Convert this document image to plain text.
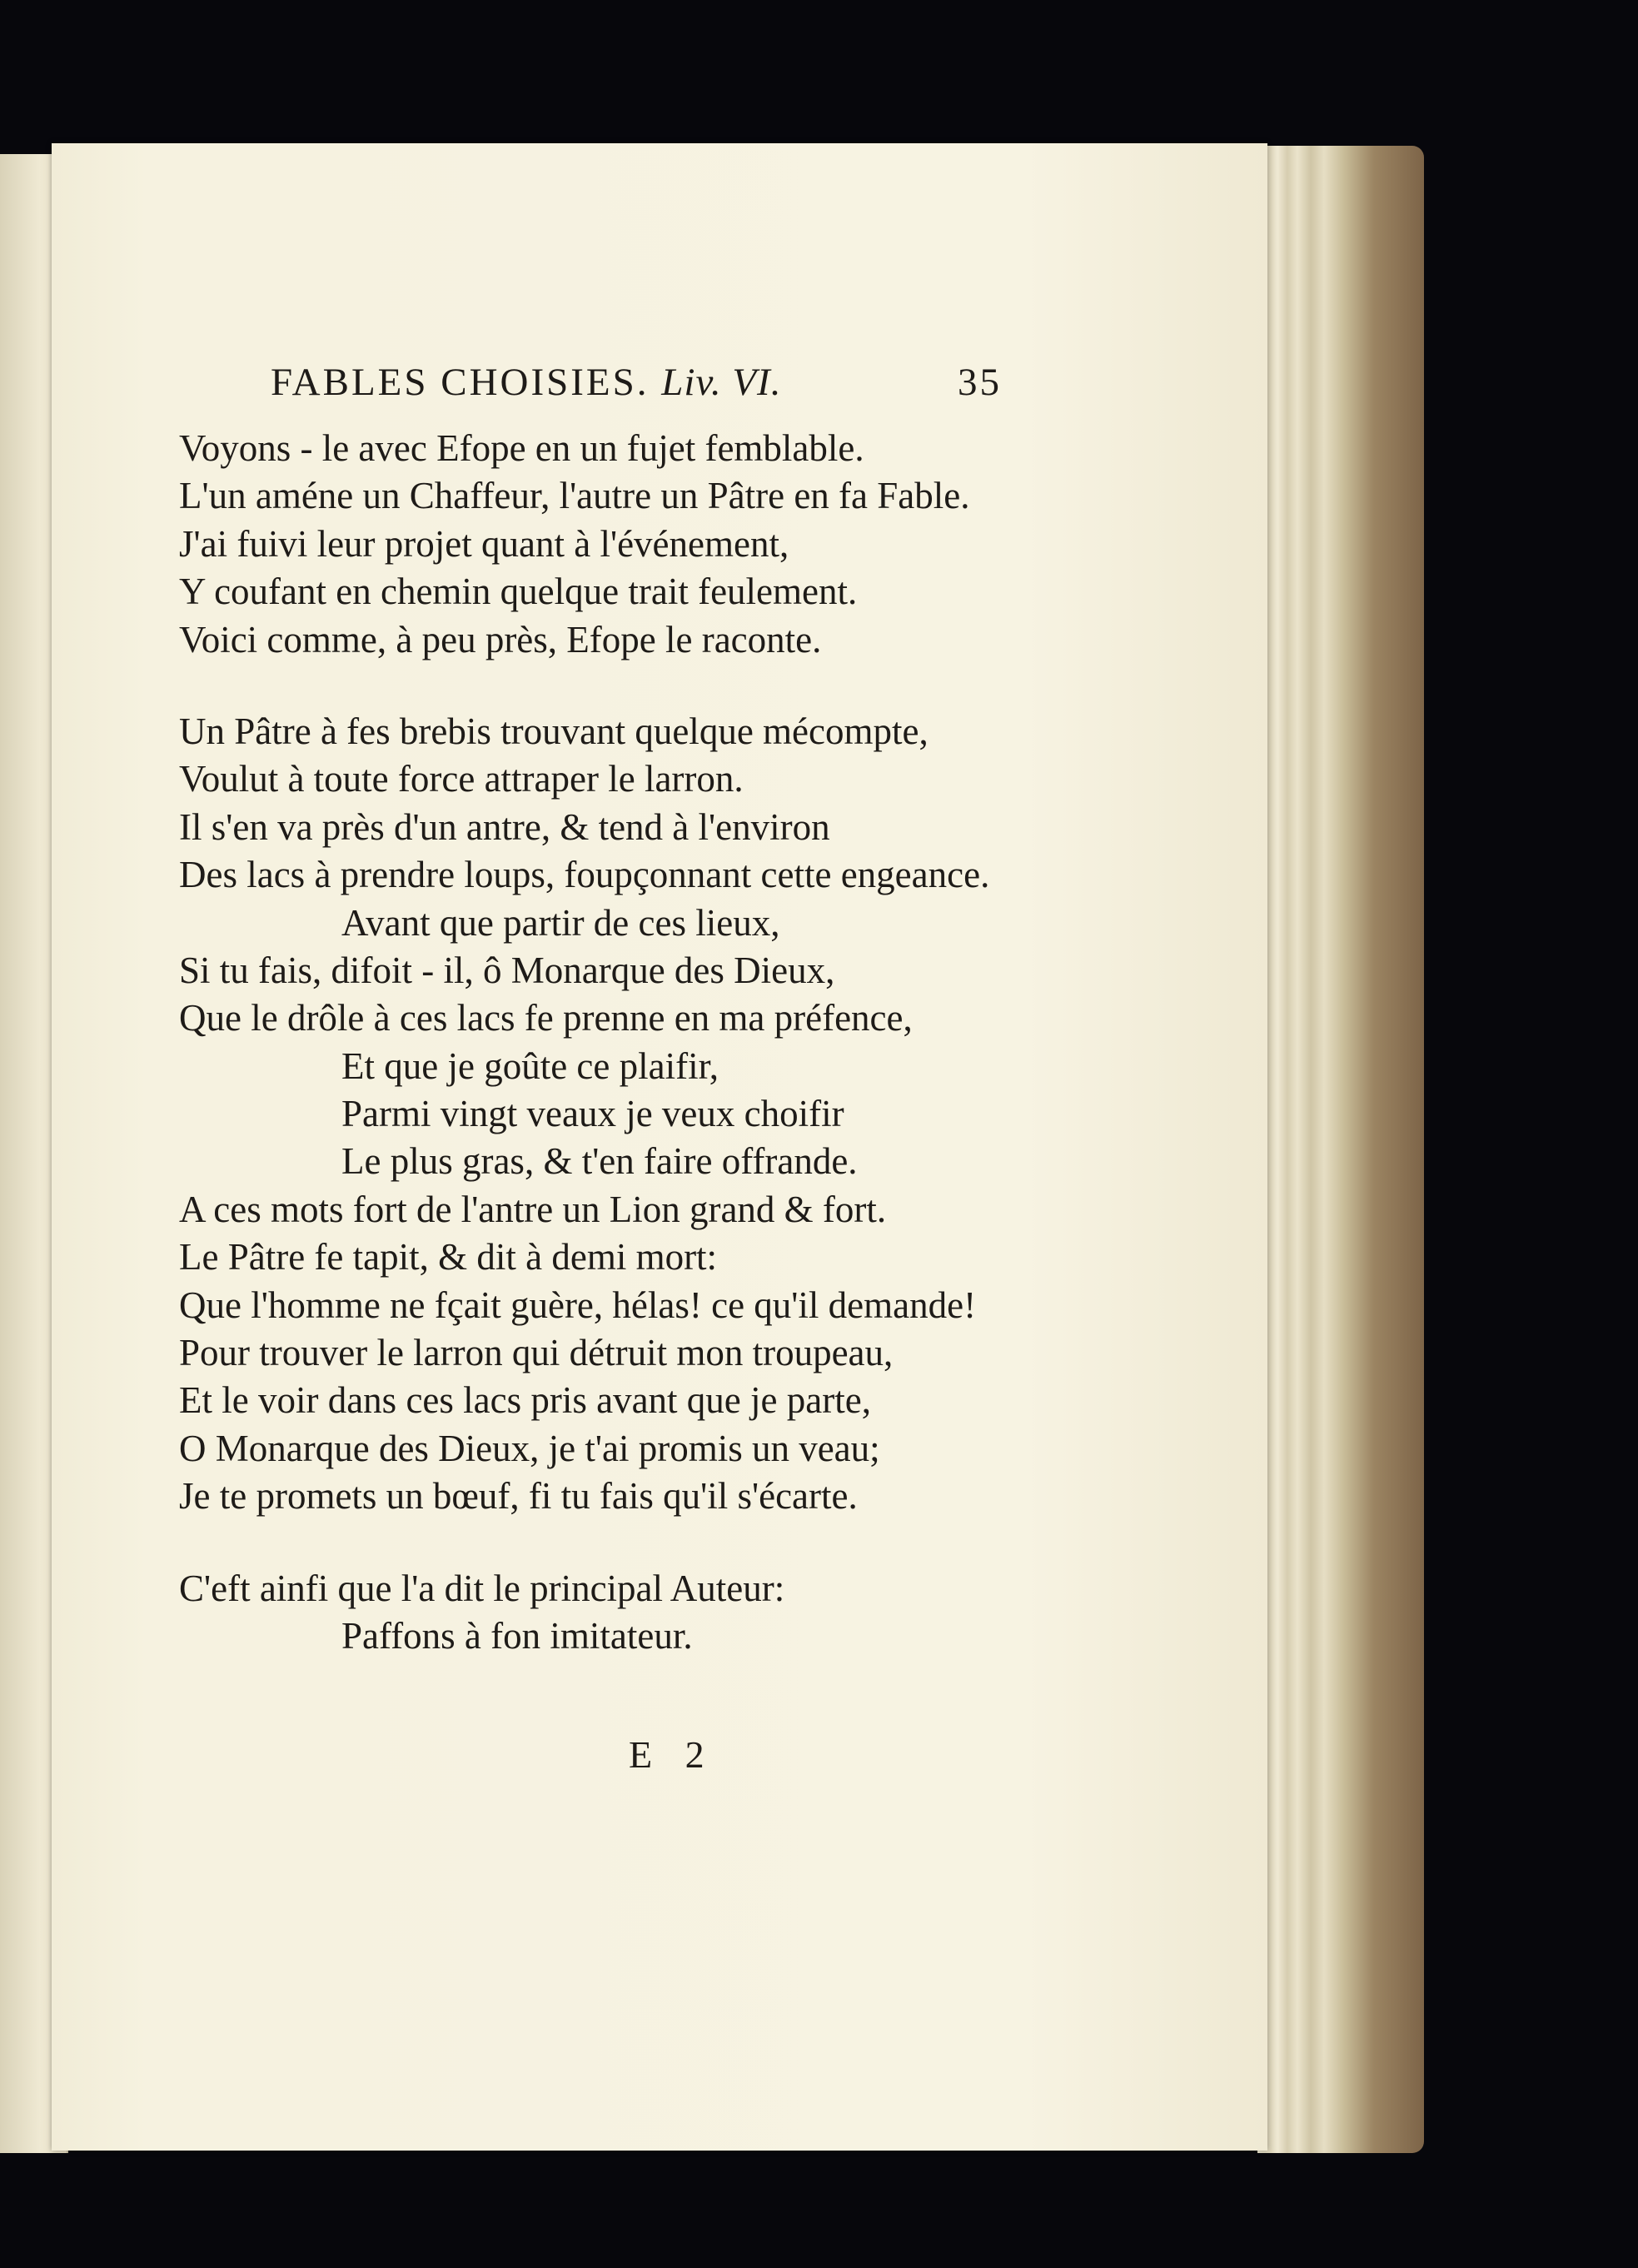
FABLES CHOISIES. Liv. VI.	35
Voyons - le avec Efope en un fujet femblable.
L'un améne un Chaffeur, l'autre un Pâtre en fa Fable.
J'ai fuivi leur projet quant à l'événement,
Y coufant en chemin quelque trait feulement.
Voici comme, à peu près, Efope le raconte.
Un Pâtre à fes brebis trouvant quelque mécompte,
Voulut à toute force attraper le larron.
Il s'en va près d'un antre, & tend à l'environ
Des lacs à prendre loups, foupçonnant cette engeance.
Avant que partir de ces lieux,
Si tu fais, difoit - il, ô Monarque des Dieux,
Que le drôle à ces lacs fe prenne en ma préfence,
Et que je goûte ce plaifir,
Parmi vingt veaux je veux choifir
Le plus gras, & t'en faire offrande.
A ces mots fort de l'antre un Lion grand & fort.
Le Pâtre fe tapit, & dit à demi mort:
Que l'homme ne fçait guère, hélas! ce qu'il demande!
Pour trouver le larron qui détruit mon troupeau,
Et le voir dans ces lacs pris avant que je parte,
O Monarque des Dieux, je t'ai promis un veau;
Je te promets un bœuf, fi tu fais qu'il s'écarte.
C'eft ainfi que l'a dit le principal Auteur:
Paffons à fon imitateur.
E 2
